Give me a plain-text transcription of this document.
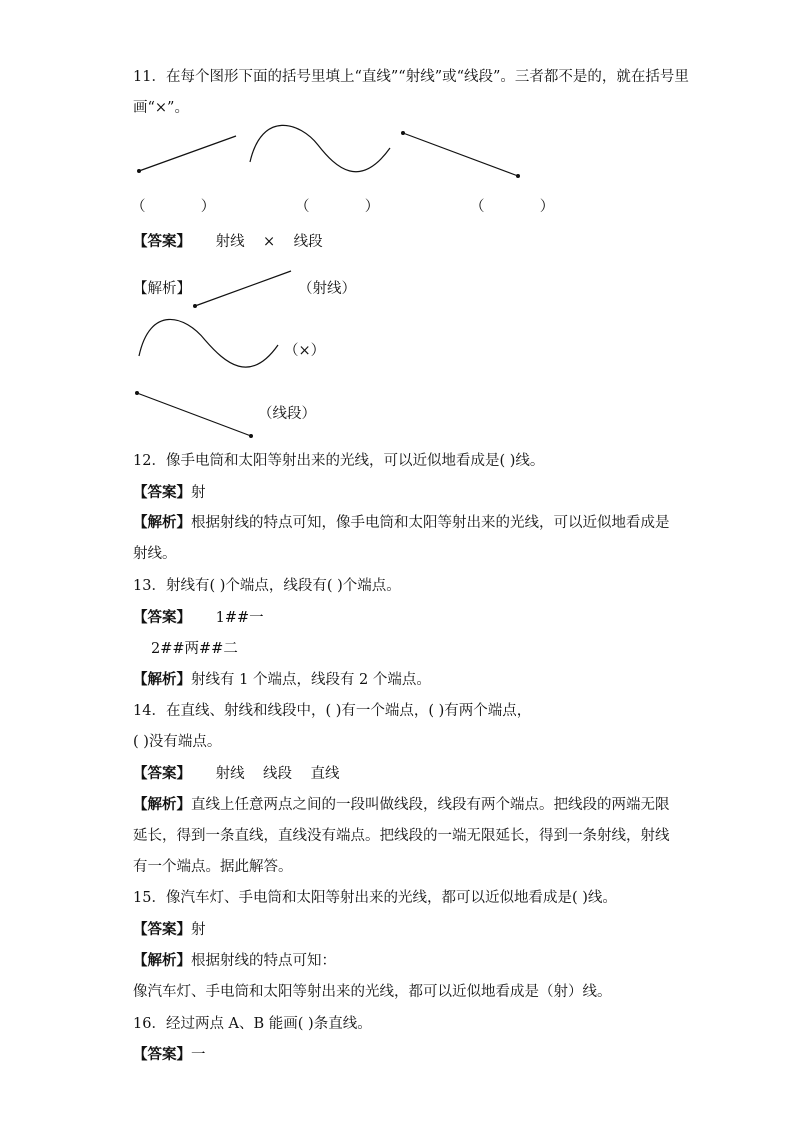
11．在每个图形下面的括号里填上“直线”“射线”或“线段”。三者都不是的，就在括号里
画“×”。
（            ）	（            ）	（            ）
【答案】 射线    ×    线段
【解析】	（射线）
（×）
（线段）
12．像手电筒和太阳等射出来的光线，可以近似地看成是( )线。
【答案】射
【解析】根据射线的特点可知，像手电筒和太阳等射出来的光线，可以近似地看成是
射线。
13．射线有( )个端点，线段有( )个端点。
【答案】 1##一
2##两##二
【解析】射线有 1 个端点，线段有 2 个端点。
14．在直线、射线和线段中，( )有一个端点，( )有两个端点，
( )没有端点。
【答案】 射线    线段    直线
【解析】直线上任意两点之间的一段叫做线段，线段有两个端点。把线段的两端无限
延长，得到一条直线，直线没有端点。把线段的一端无限延长，得到一条射线，射线
有一个端点。据此解答。
15．像汽车灯、手电筒和太阳等射出来的光线，都可以近似地看成是( )线。
【答案】射
【解析】根据射线的特点可知：
像汽车灯、手电筒和太阳等射出来的光线，都可以近似地看成是（射）线。
16．经过两点 A、B 能画( )条直线。
【答案】一
